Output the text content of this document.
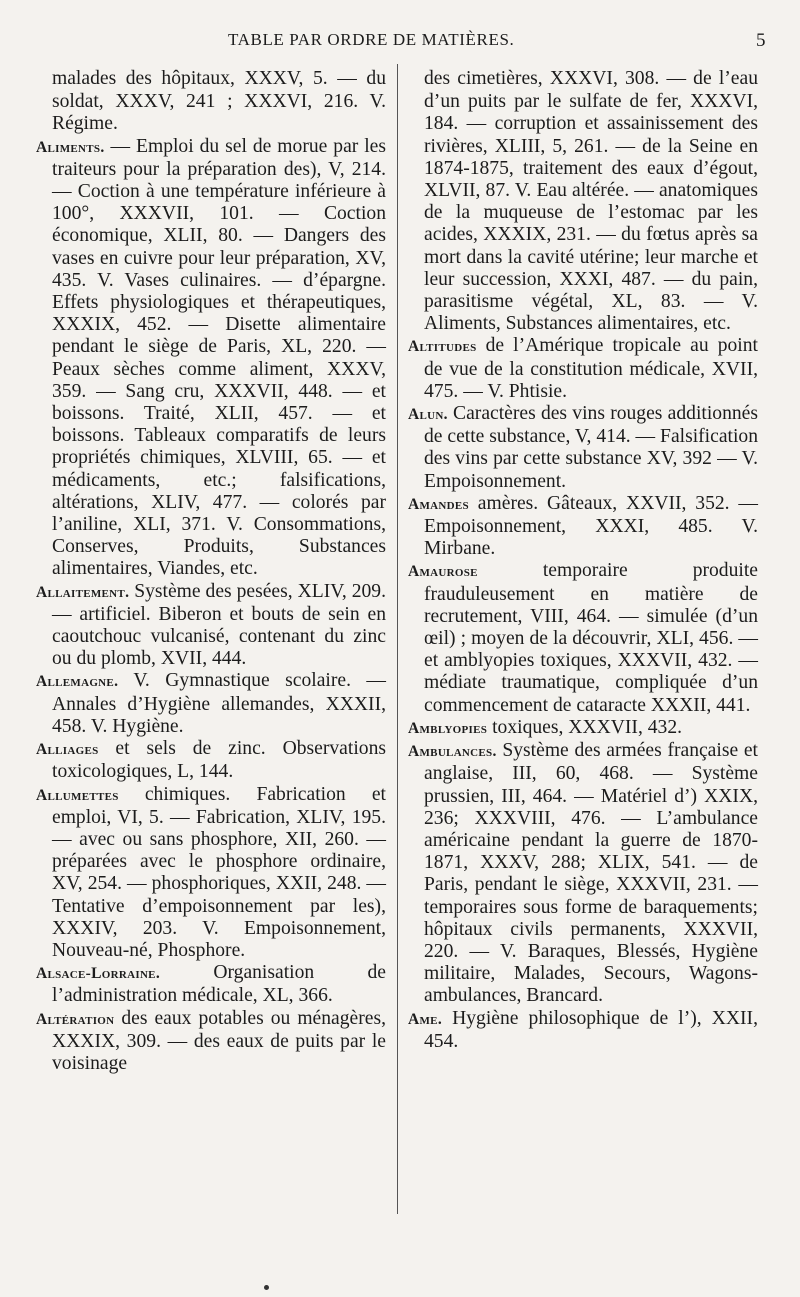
TABLE PAR ORDRE DE MATIÈRES.	5

malades des hôpitaux, XXXV, 5. — du soldat, XXXV, 241 ; XXXVI, 216. V. Régime.

Aliments. — Emploi du sel de morue par les traiteurs pour la préparation des), V, 214. — Coction à une température inférieure à 100°, XXXVII, 101. — Coction économique, XLII, 80. — Dangers des vases en cuivre pour leur préparation, XV, 435. V. Vases culinaires. — d’épargne. Effets physiologiques et thérapeutiques, XXXIX, 452. — Disette alimentaire pendant le siège de Paris, XL, 220. — Peaux sèches comme aliment, XXXV, 359. — Sang cru, XXXVII, 448. — et boissons. Traité, XLII, 457. — et boissons. Tableaux comparatifs de leurs propriétés chimiques, XLVIII, 65. — et médicaments, etc.; falsifications, altérations, XLIV, 477. — colorés par l’aniline, XLI, 371. V. Consommations, Conserves, Produits, Substances alimentaires, Viandes, etc.

Allaitement. Système des pesées, XLIV, 209. — artificiel. Biberon et bouts de sein en caoutchouc vulcanisé, contenant du zinc ou du plomb, XVII, 444.

Allemagne. V. Gymnastique scolaire. — Annales d’Hygiène allemandes, XXXII, 458. V. Hygiène.

Alliages et sels de zinc. Observations toxicologiques, L, 144.

Allumettes chimiques. Fabrication et emploi, VI, 5. — Fabrication, XLIV, 195. — avec ou sans phosphore, XII, 260. — préparées avec le phosphore ordinaire, XV, 254. — phosphoriques, XXII, 248. — Tentative d’empoisonnement par les), XXXIV, 203. V. Empoisonnement, Nouveau-né, Phosphore.

Alsace-Lorraine. Organisation de l’administration médicale, XL, 366.

Altération des eaux potables ou ménagères, XXXIX, 309. — des eaux de puits par le voisinage

des cimetières, XXXVI, 308. — de l’eau d’un puits par le sulfate de fer, XXXVI, 184. — corruption et assainissement des rivières, XLIII, 5, 261. — de la Seine en 1874-1875, traitement des eaux d’égout, XLVII, 87. V. Eau altérée. — anatomiques de la muqueuse de l’estomac par les acides, XXXIX, 231. — du fœtus après sa mort dans la cavité utérine; leur marche et leur succession, XXXI, 487. — du pain, parasitisme végétal, XL, 83. — V. Aliments, Substances alimentaires, etc.

Altitudes de l’Amérique tropicale au point de vue de la constitution médicale, XVII, 475. — V. Phtisie.

Alun. Caractères des vins rouges additionnés de cette substance, V, 414. — Falsification des vins par cette substance XV, 392 — V. Empoisonnement.

Amandes amères. Gâteaux, XXVII, 352. — Empoisonnement, XXXI, 485. V. Mirbane.

Amaurose temporaire produite frauduleusement en matière de recrutement, VIII, 464. — simulée (d’un œil) ; moyen de la découvrir, XLI, 456. — et amblyopies toxiques, XXXVII, 432. — médiate traumatique, compliquée d’un commencement de cataracte XXXII, 441.

Amblyopies toxiques, XXXVII, 432.

Ambulances. Système des armées française et anglaise, III, 60, 468. — Système prussien, III, 464. — Matériel d’) XXIX, 236; XXXVIII, 476. — L’ambulance américaine pendant la guerre de 1870-1871, XXXV, 288; XLIX, 541. — de Paris, pendant le siège, XXXVII, 231. — temporaires sous forme de baraquements; hôpitaux civils permanents, XXXVII, 220. — V. Baraques, Blessés, Hygiène militaire, Malades, Secours, Wagons-ambulances, Brancard.

Ame. Hygiène philosophique de l’), XXII, 454.
